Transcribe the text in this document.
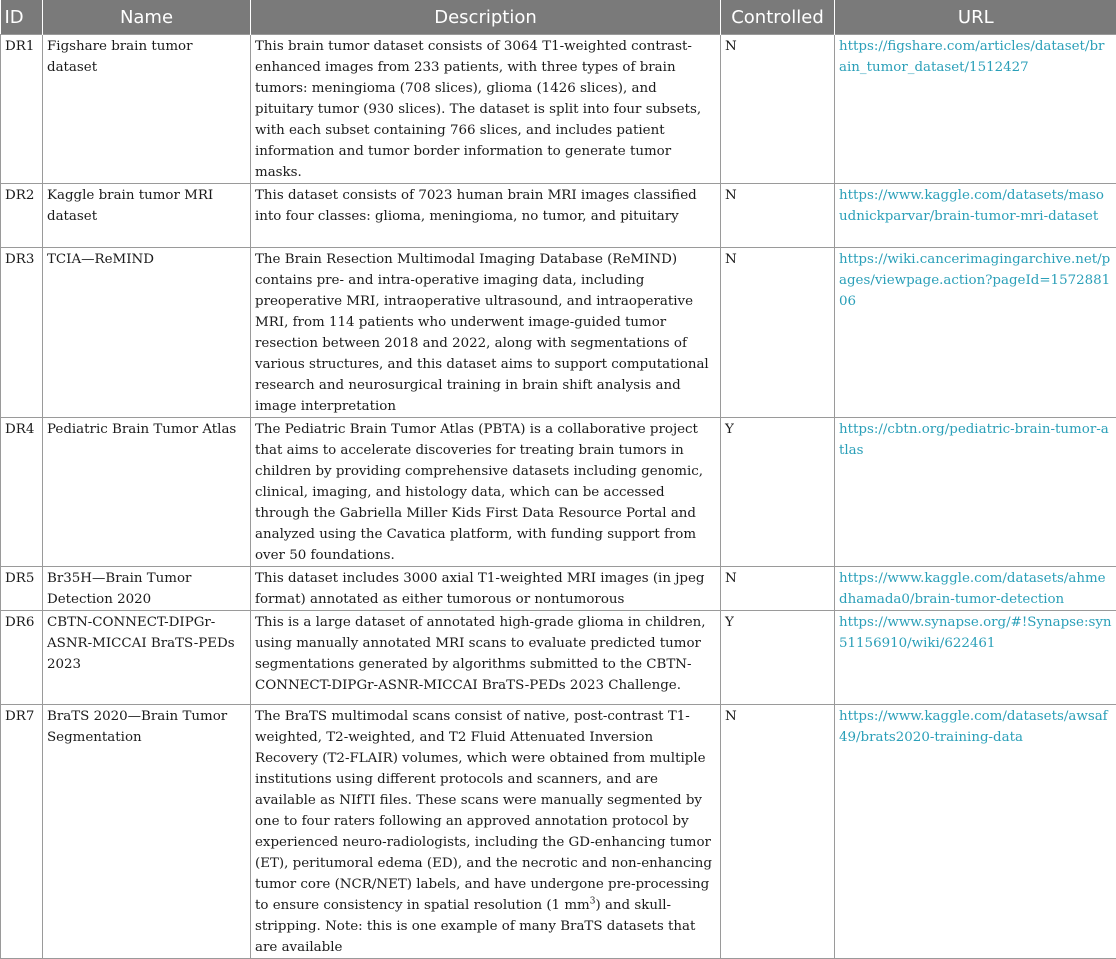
ID	Name	Description	Controlled	URL
DR1	Figshare brain tumor dataset	This brain tumor dataset consists of 3064 T1-weighted contrast-enhanced images from 233 patients, with three types of brain tumors: meningioma (708 slices), glioma (1426 slices), and pituitary tumor (930 slices). The dataset is split into four subsets, with each subset containing 766 slices, and includes patient information and tumor border information to generate tumor masks.	N	https://figshare.com/articles/dataset/brain_tumor_dataset/1512427
DR2	Kaggle brain tumor MRI dataset	This dataset consists of 7023 human brain MRI images classified into four classes: glioma, meningioma, no tumor, and pituitary	N	https://www.kaggle.com/datasets/masoudnickparvar/brain-tumor-mri-dataset
DR3	TCIA—ReMIND	The Brain Resection Multimodal Imaging Database (ReMIND) contains pre- and intra-operative imaging data, including preoperative MRI, intraoperative ultrasound, and intraoperative MRI, from 114 patients who underwent image-guided tumor resection between 2018 and 2022, along with segmentations of various structures, and this dataset aims to support computational research and neurosurgical training in brain shift analysis and image interpretation	N	https://wiki.cancerimagingarchive.net/pages/viewpage.action?pageId=157288106
DR4	Pediatric Brain Tumor Atlas	The Pediatric Brain Tumor Atlas (PBTA) is a collaborative project that aims to accelerate discoveries for treating brain tumors in children by providing comprehensive datasets including genomic, clinical, imaging, and histology data, which can be accessed through the Gabriella Miller Kids First Data Resource Portal and analyzed using the Cavatica platform, with funding support from over 50 foundations.	Y	https://cbtn.org/pediatric-brain-tumor-atlas
DR5	Br35H—Brain Tumor Detection 2020	This dataset includes 3000 axial T1-weighted MRI images (in jpeg format) annotated as either tumorous or nontumorous	N	https://www.kaggle.com/datasets/ahmedhamada0/brain-tumor-detection
DR6	CBTN-CONNECT-DIPGr-ASNR-MICCAI BraTS-PEDs 2023	This is a large dataset of annotated high-grade glioma in children, using manually annotated MRI scans to evaluate predicted tumor segmentations generated by algorithms submitted to the CBTN-CONNECT-DIPGr-ASNR-MICCAI BraTS-PEDs 2023 Challenge.	Y	https://www.synapse.org/#!Synapse:syn51156910/wiki/622461
DR7	BraTS 2020—Brain Tumor Segmentation	The BraTS multimodal scans consist of native, post-contrast T1-weighted, T2-weighted, and T2 Fluid Attenuated Inversion Recovery (T2-FLAIR) volumes, which were obtained from multiple institutions using different protocols and scanners, and are available as NIfTI files. These scans were manually segmented by one to four raters following an approved annotation protocol by experienced neuro-radiologists, including the GD-enhancing tumor (ET), peritumoral edema (ED), and the necrotic and non-enhancing tumor core (NCR/NET) labels, and have undergone pre-processing to ensure consistency in spatial resolution (1 $mm^3$) and skull-stripping. Note: this is one example of many BraTS datasets that are available	N	https://www.kaggle.com/datasets/awsaf49/brats2020-training-data
